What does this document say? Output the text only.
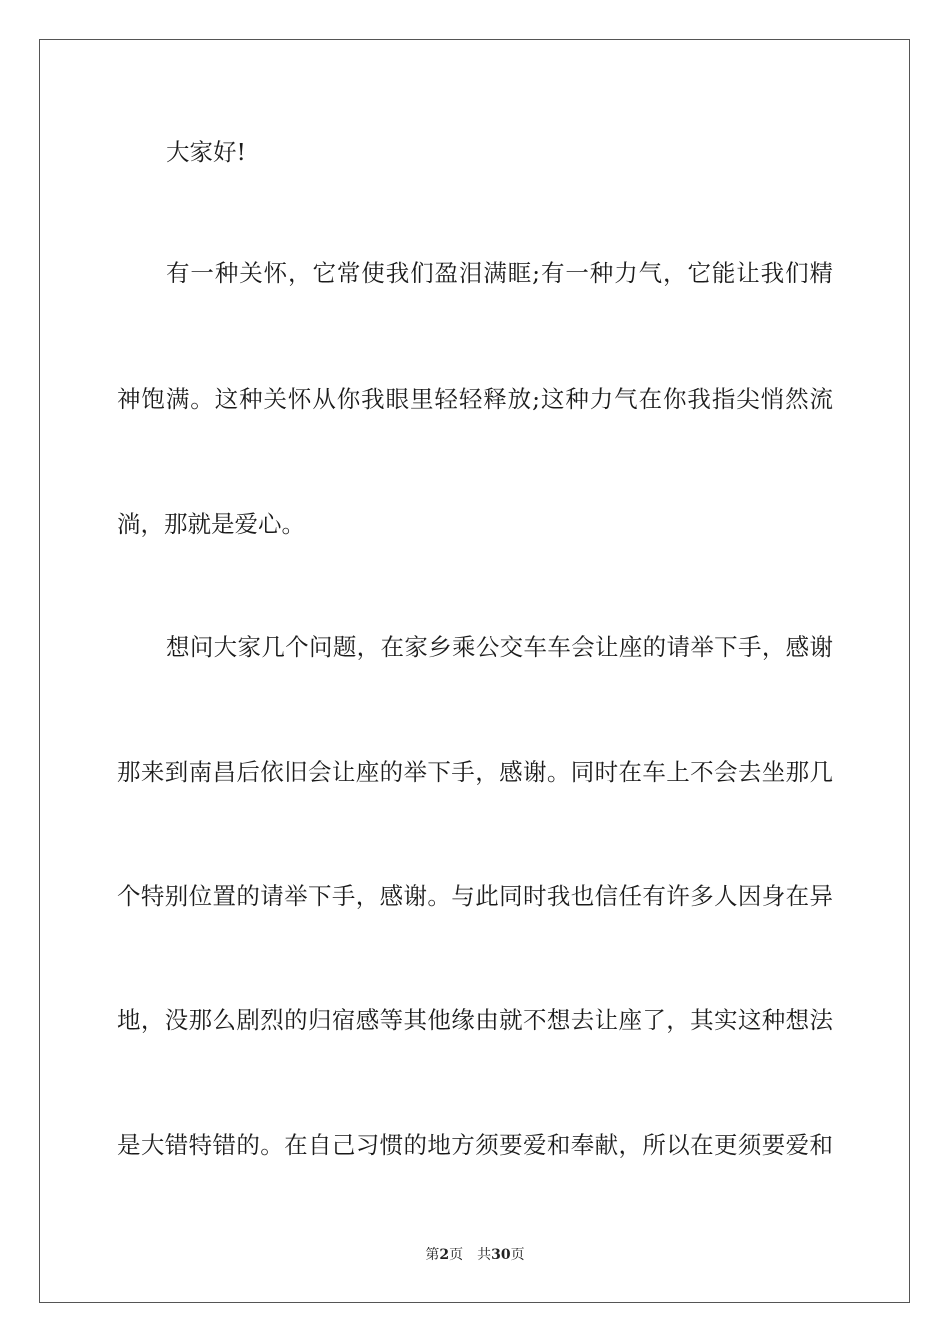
大家好!
有一种关怀，它常使我们盈泪满眶;有一种力气，它能让我们精
神饱满。这种关怀从你我眼里轻轻释放;这种力气在你我指尖悄然流
淌，那就是爱心。
想问大家几个问题，在家乡乘公交车车会让座的请举下手，感谢
那来到南昌后依旧会让座的举下手，感谢。同时在车上不会去坐那几
个特别位置的请举下手，感谢。与此同时我也信任有许多人因身在异
地，没那么剧烈的归宿感等其他缘由就不想去让座了，其实这种想法
是大错特错的。在自己习惯的地方须要爱和奉献，所以在更须要爱和
第2页 共30页
